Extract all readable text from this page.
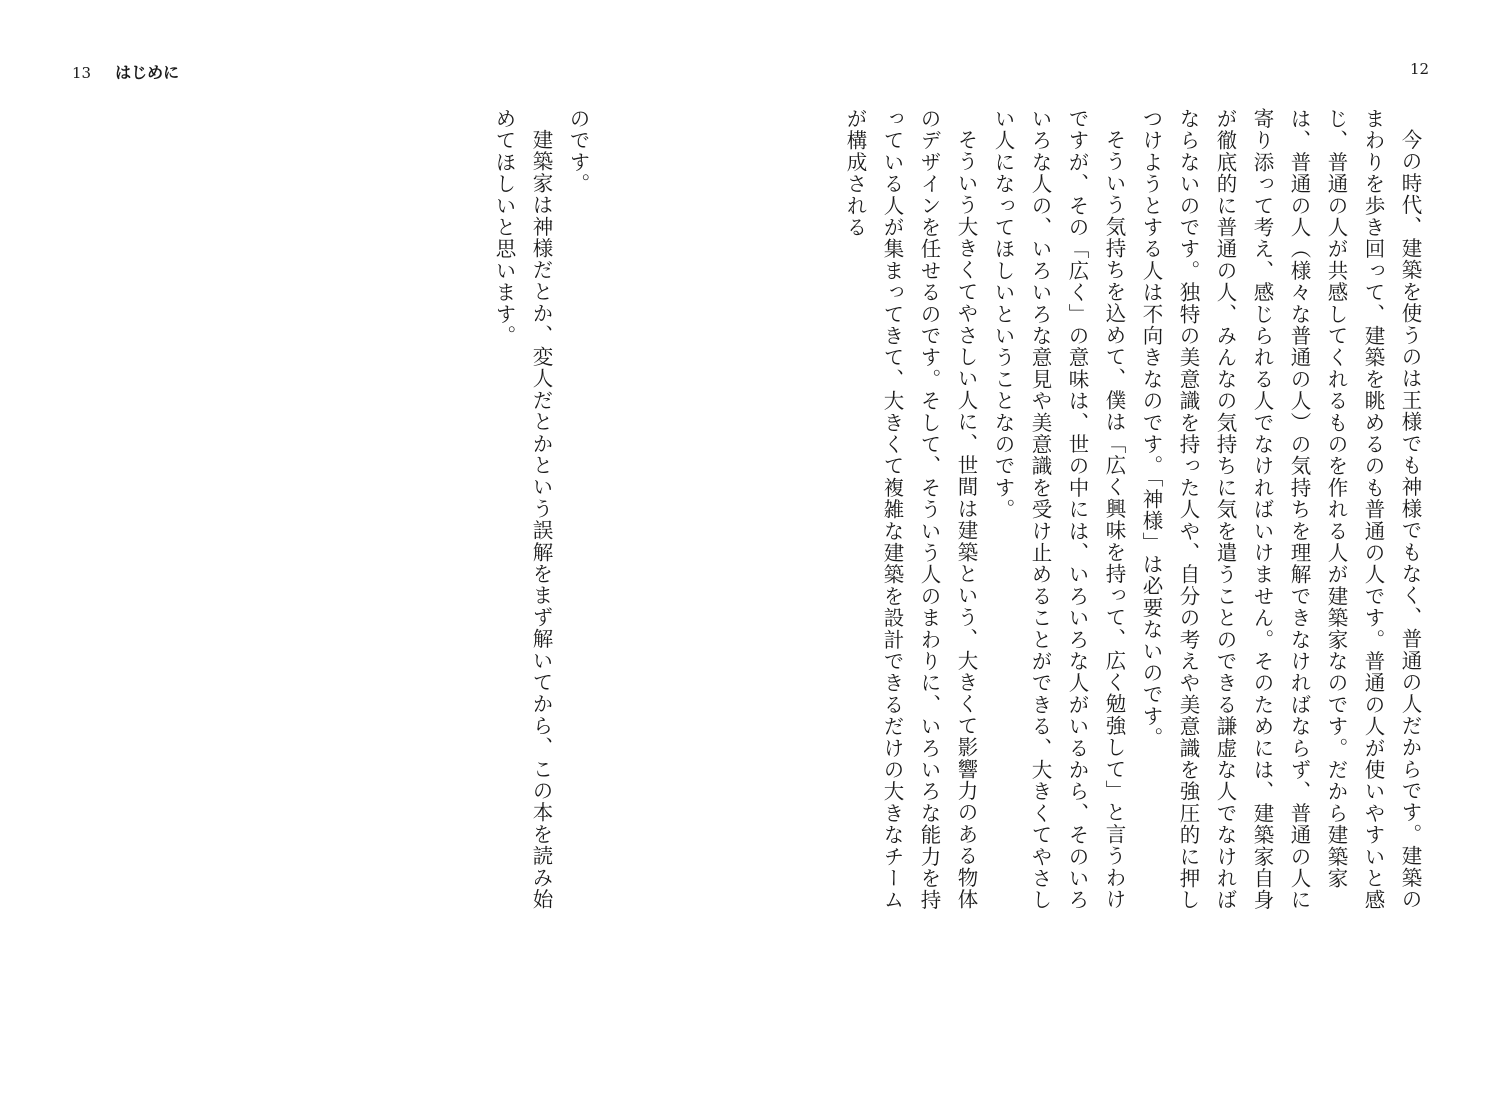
13 はじめに	12

今の時代、建築を使うのは王様でも神様でもなく、普通の人だからです。建築のまわりを歩き回って、建築を眺めるのも普通の人です。普通の人が使いやすいと感じ、普通の人が共感してくれるものを作れる人が建築家なのです。だから建築家は、普通の人（様々な普通の人）の気持ちを理解できなければならず、普通の人に寄り添って考え、感じられる人でなければいけません。そのためには、建築家自身が徹底的に普通の人、みんなの気持ちに気を遣うことのできる謙虚な人でなければならないのです。独特の美意識を持った人や、自分の考えや美意識を強圧的に押しつけようとする人は不向きなのです。「神様」は必要ないのです。

そういう気持ちを込めて、僕は「広く興味を持って、広く勉強して」と言うわけですが、その「広く」の意味は、世の中には、いろいろな人がいるから、そのいろいろな人の、いろいろな意見や美意識を受け止めることができる、大きくてやさしい人になってほしいということなのです。

そういう大きくてやさしい人に、世間は建築という、大きくて影響力のある物体のデザインを任せるのです。そして、そういう人のまわりに、いろいろな能力を持っている人が集まってきて、大きくて複雑な建築を設計できるだけの大きなチームが構成される

のです。

建築家は神様だとか、変人だとかという誤解をまず解いてから、この本を読み始めてほしいと思います。
